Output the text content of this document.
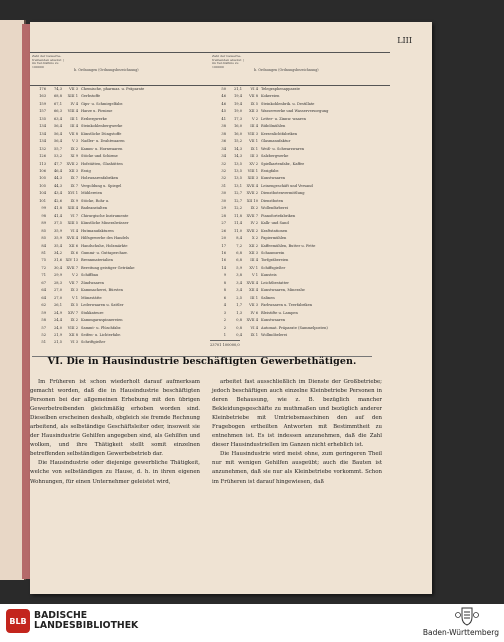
LIII
Zahl der Gewerbe-treibenden absolut | im Ver-hältnis zu 100000
b. Ordnungen (Ordnungsbezeichnung)
176	74,3	VII 3 Chemische, pharmaz. u. Präparate
163	68,8	XIII 1 Gerbstoffe
159	67,1	IV 4 Gips- u. Schmirgelfabr.
157	66,3	VIII 4 Harze u. Firnisse
135	63,4	III 1 Erzbergwerke
134	56,4	III 4 Steinkohlenbergwerke
134	56,4	VII 8 Künstliche Düngstoffe
134	56,4	V 3 Nadler- u. Drahtwaaren
132	55,7	IX 2 Kamm- u. Hornwaaren
126	53,2	XI 9 Stöcke und Schirme
113	47,7	XVII 2 Hofstätten, Glashütten
106	46,4	XII 3 Essig
105	44,3	IX 7 Holzwaarenfabriken
105	44,3	IX 7 Vergoldung u. Spiegel
104	43,4	XVI 1 Mühlereien
101	42,6	IX 9 Stöcke, Rohr u.
99	41,8	XIII 4 Badeanstalten
98	41,4	VI 7 Chirurgische Instrumente
89	37,5	XIII 5 Künstliche Mineralwässer
85	35,9	VI 4 Hutmanufakturen
85	35,9	XVII 4 Hilfsgewerbe des Handels
84	35,4	XII 6 Handschuhe, Holzmärkte
81	34,2	IX 6 Gummi- u. Guttaperchaw.
75	31,6	XIV 13 Brennmaterialien
72	30,4	XVII 7 Bereitung geistiger Getränke
71	29,9	V 2 Schiffbau
67	28,3	VII 7 Zündwaaren
64	27,0	IX 3 Kammacherei, Bürsten
64	27,0	V 1 Münzstätte
62	26,1	IX 5 Lederwaaren u. Sattler
59	24,9	XIV 7 Stukkateure
58	24,4	IX 2 Kammgarnspinnereien
57	24,0	VIII 2 Sammt- u. Plüschfabr.
52	21,9	XII 8 Seifen- u. Lichterfabr.
51	21,5	VI 3 Schriftgießer
Zahl der Gewerbe-treibenden absolut | im Ver-hältnis zu 100000
b. Ordnungen (Ordnungsbezeichnung)
50	21,1	VI 4 Telegraphenapparate
46	19,4	VII 8 Kokereien
46	19,4	IX 5 Steinkohlenbrik. u. Destillate
45	19,0	XII 3 Wasserwerke und Wasserversorgung
41	17,3	V 2 Letter- u. Zinnw. waaren
38	16,0	III 4 Rübölmühlen
38	16,0	VIII 3 Kerzenlichtfabriken
36	15,2	VII 1 Glasmanufaktur
34	14,3	IX 1 Weiß- u. Schwarzwaren
34	14,3	III 3 Salzbergwerke
32	13,5	XV 2 Spielkartenfabr., Kaffee
32	13,5	VIII 1 Essigfabr.
32	13,5	XIII 3 Kunstwaaren
31	13,1	XVII 4 Leinengeschäft und Versand
30	12,7	XVII 2 Dienstbotenvermittlung
30	12,7	XII 10 Dienstboten
29	12,2	IX 2 Wollenfärberei
28	11,8	XVII 7 Pianofortefabriken
27	11,4	IV 2 Kalk- und Sand
26	11,0	XVII 2 Kraftstationen
20	8,4	X 2 Papiermühlen
17	7,2	XII 2 Kaffeemühlen, Butter u. Fette
16	6,8	XII 3 Schaumwein
16	6,8	III 4 Torfgräbereien
14	5,9	XV 1 Schiffsgießer
9	3,8	V 1 Kunsteis
8	3,4	XVII 4 Leichtbestatter
8	3,4	XII 4 Kunstwaaren, Mineralw.
6	2,5	III 1 Salinen
4	1,7	VII 3 Farbwaaren u. Teerfabriken
3	1,3	IV 6 Bleistifte u. Lampen
2	0,8	XVII 4 Kunstwaaren
2	0,8	VI 4 Automat. Präparate (Sammelposten)
1	0,4	IX 1 Wollmöbelerei
23701 100000,0
VI. Die in Hausindustrie beschäftigten Gewerbethätigen.

Im Früheren ist schon wiederholt darauf aufmerksam gemacht worden, daß die in Hausindustrie beschäftigten Personen bei der allgemeinen Erhebung mit den übrigen Gewerbetreibenden gleichmäßig erhoben worden sind. Dieselben erscheinen deshalb, obgleich sie fremde Rechnung arbeitend, als selbständige Geschäftsleiter oder, insoweit sie der Hausindustrie Gehilfen angegeben sind, als Gehilfen und wolken, und ihre Thätigkeit stellt somit einzelnen betreffenden selbständigen Gewerbebetrieb dar.

Die Hausindustrie oder diejenige gewerbliche Thätigkeit, welche von selbständigen zu Hause, d. h. in ihren eigenen Wohnungen, für einen Unternehmer geleistet wird,

arbeitet fast ausschließlich im Dienste der Großbetriebe; jedoch beschäftigen auch einzelne Kleinbetriebe Personen in deren Behausung, wie z. B. bezüglich mancher Bekleidungsgeschäfte zu muthmaßen und bezüglich anderer Kleinbetriebe mit Umtriebsmaschinen den auf den Fragebogen ertheilten Antworten mit Bestimmtheit zu entnehmen ist. Es ist indessen anzunehmen, daß die Zahl dieser Hausindustriellen im Ganzen nicht erheblich ist.

Die Hausindustrie wird meist ohne, zum geringeren Theil nur mit wenigen Gehilfen ausgeübt; auch die Bauten ist anzunehmen, daß sie nur als Kleinbetriebe vorkommt. Schon im Früheren ist darauf hingewiesen, daß

BLB BADISCHE
LANDESBIBLIOTHEK
Baden-Württemberg
